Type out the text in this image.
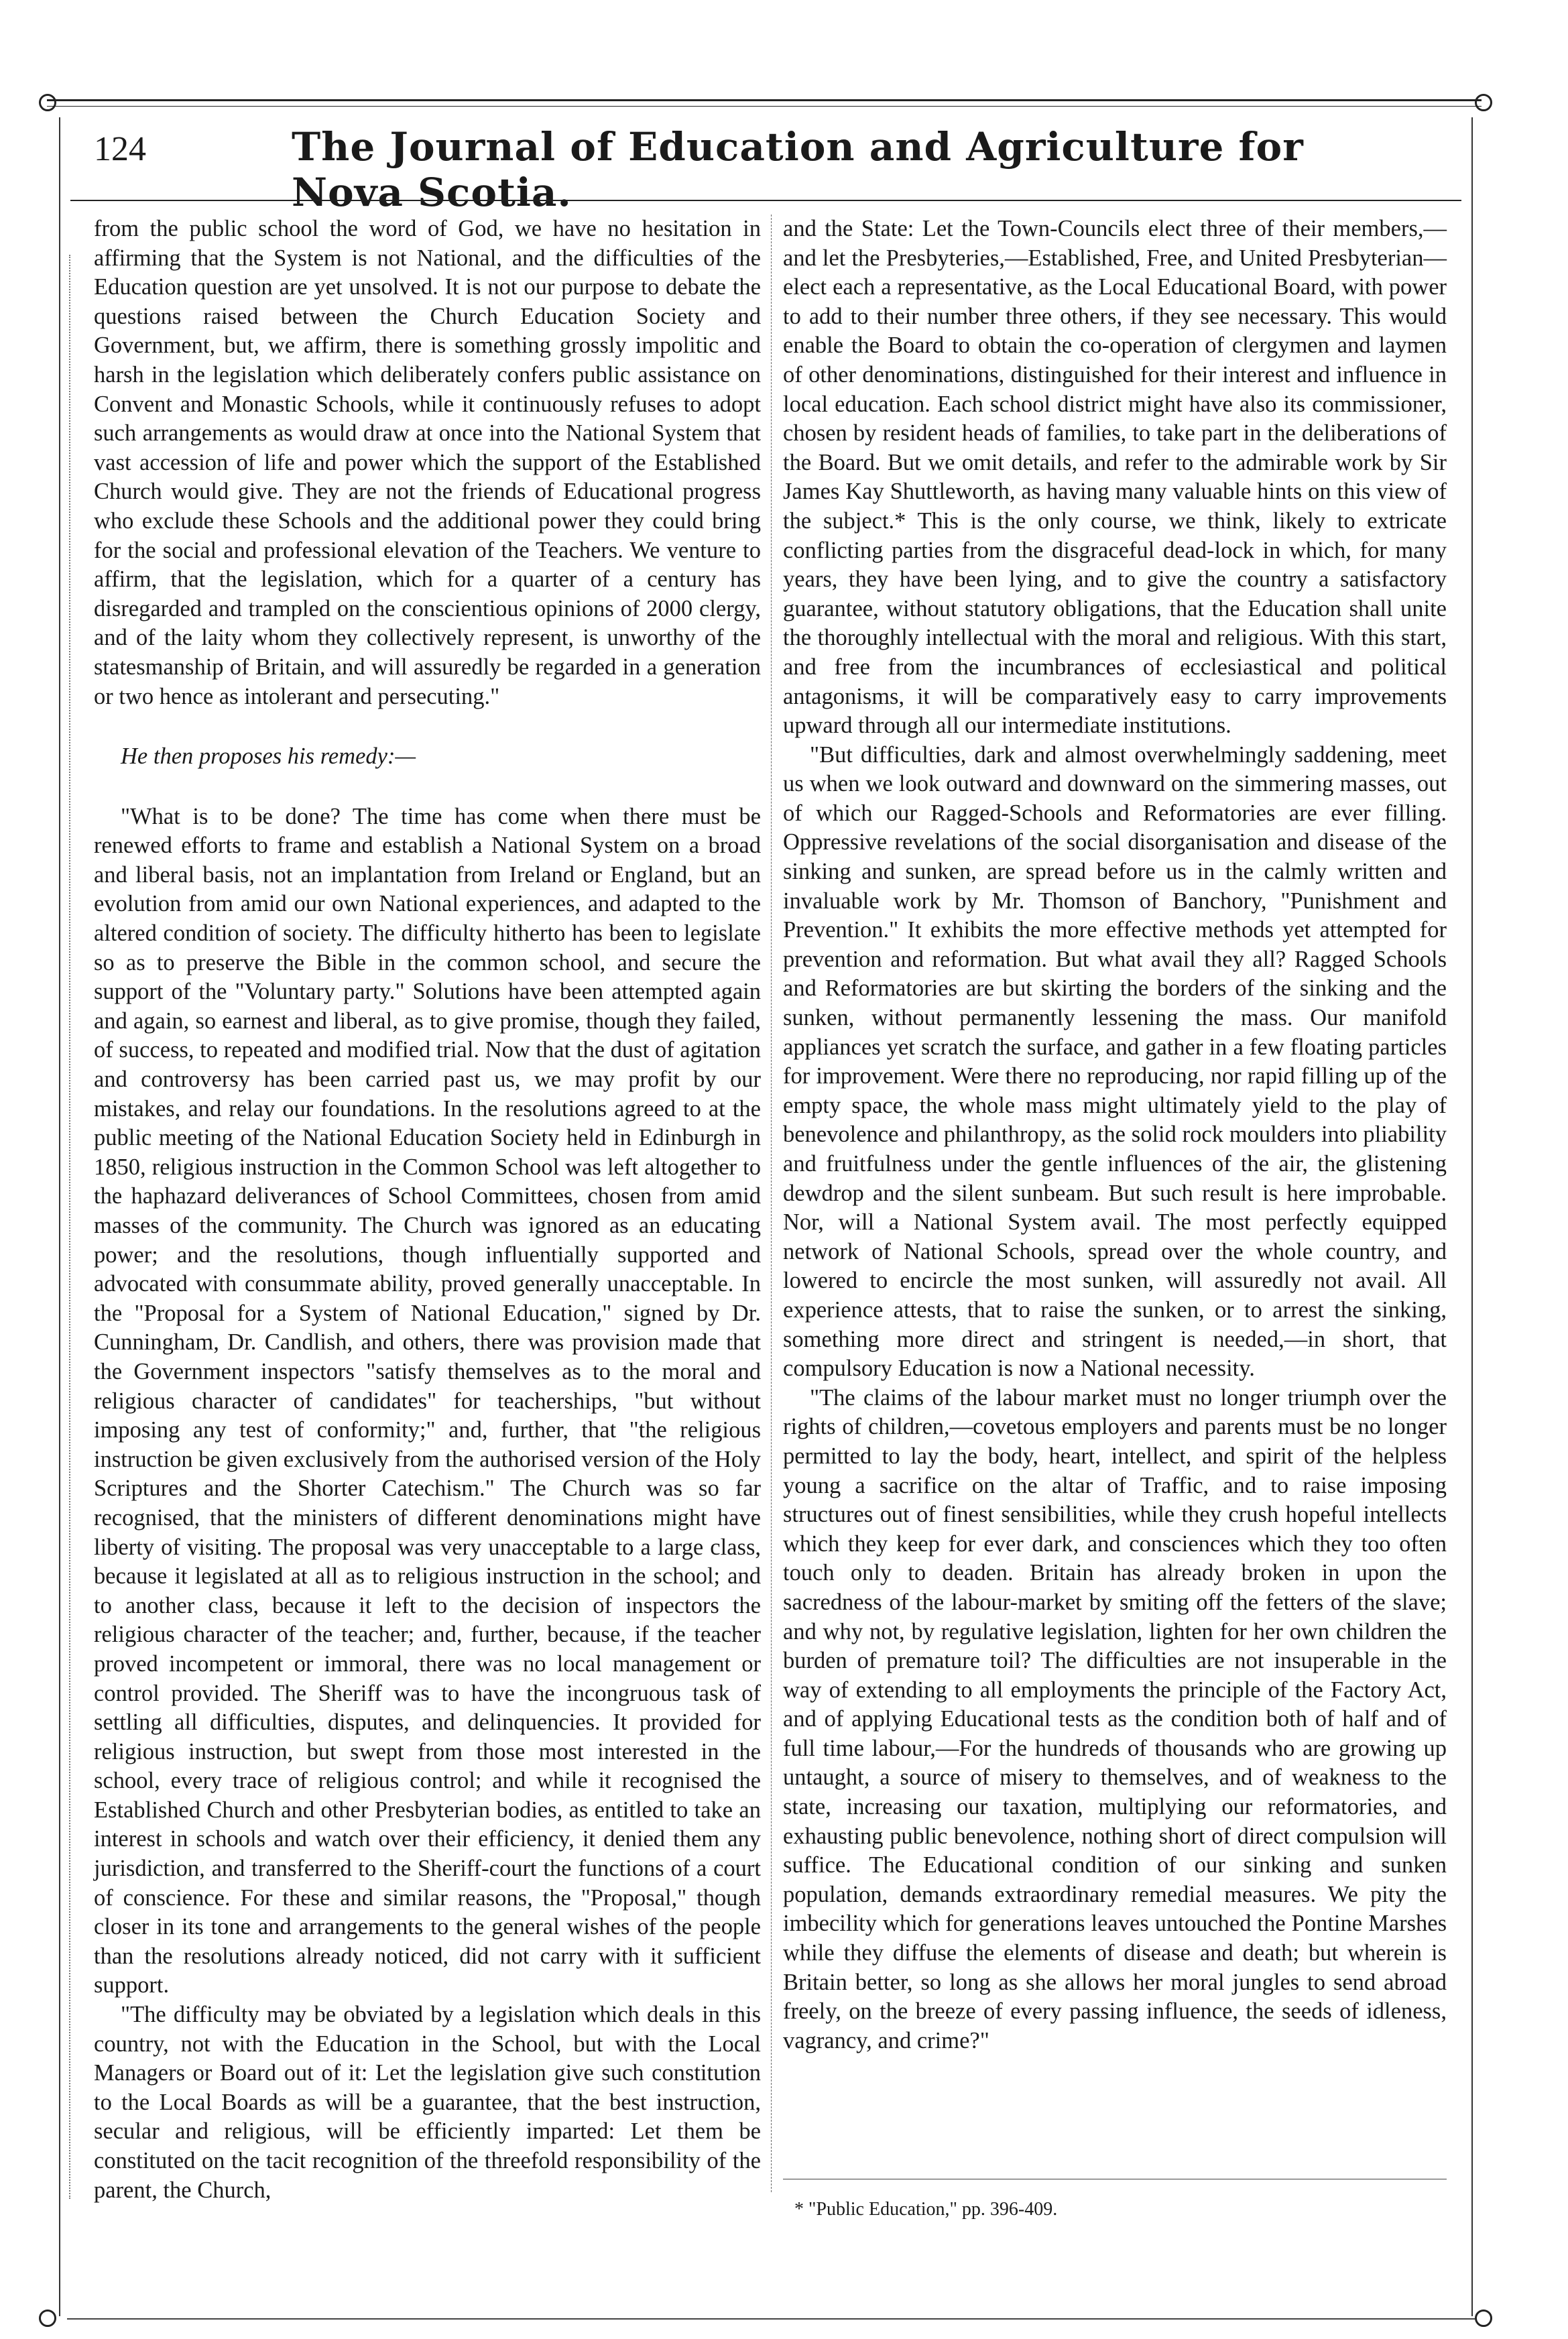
124	The Journal of Education and Agriculture for Nova Scotia.

from the public school the word of God, we have no hesitation in affirming that the System is not National, and the difficulties of the Education question are yet unsolved. It is not our purpose to debate the questions raised between the Church Education Society and Government, but, we affirm, there is something grossly impolitic and harsh in the legislation which deliberately confers public assistance on Convent and Monastic Schools, while it continuously refuses to adopt such arrangements as would draw at once into the National System that vast accession of life and power which the support of the Established Church would give. They are not the friends of Educational progress who exclude these Schools and the additional power they could bring for the social and professional elevation of the Teachers. We venture to affirm, that the legislation, which for a quarter of a century has disregarded and trampled on the conscientious opinions of 2000 clergy, and of the laity whom they collectively represent, is unworthy of the statesmanship of Britain, and will assuredly be regarded in a generation or two hence as intolerant and persecuting."

He then proposes his remedy:—

"What is to be done? The time has come when there must be renewed efforts to frame and establish a National System on a broad and liberal basis, not an implantation from Ireland or England, but an evolution from amid our own National experiences, and adapted to the altered condition of society. The difficulty hitherto has been to legislate so as to preserve the Bible in the common school, and secure the support of the "Voluntary party." Solutions have been attempted again and again, so earnest and liberal, as to give promise, though they failed, of success, to repeated and modified trial. Now that the dust of agitation and controversy has been carried past us, we may profit by our mistakes, and relay our foundations. In the resolutions agreed to at the public meeting of the National Education Society held in Edinburgh in 1850, religious instruction in the Common School was left altogether to the haphazard deliverances of School Committees, chosen from amid masses of the community. The Church was ignored as an educating power; and the resolutions, though influentially supported and advocated with consummate ability, proved generally unacceptable. In the "Proposal for a System of National Education," signed by Dr. Cunningham, Dr. Candlish, and others, there was provision made that the Government inspectors "satisfy themselves as to the moral and religious character of candidates" for teacherships, "but without imposing any test of conformity;" and, further, that "the religious instruction be given exclusively from the authorised version of the Holy Scriptures and the Shorter Catechism." The Church was so far recognised, that the ministers of different denominations might have liberty of visiting. The proposal was very unacceptable to a large class, because it legislated at all as to religious instruction in the school; and to another class, because it left to the decision of inspectors the religious character of the teacher; and, further, because, if the teacher proved incompetent or immoral, there was no local management or control provided. The Sheriff was to have the incongruous task of settling all difficulties, disputes, and delinquencies. It provided for religious instruction, but swept from those most interested in the school, every trace of religious control; and while it recognised the Established Church and other Presbyterian bodies, as entitled to take an interest in schools and watch over their efficiency, it denied them any jurisdiction, and transferred to the Sheriff-court the functions of a court of conscience. For these and similar reasons, the "Proposal," though closer in its tone and arrangements to the general wishes of the people than the resolutions already noticed, did not carry with it sufficient support.

"The difficulty may be obviated by a legislation which deals in this country, not with the Education in the School, but with the Local Managers or Board out of it: Let the legislation give such constitution to the Local Boards as will be a guarantee, that the best instruction, secular and religious, will be efficiently imparted: Let them be constituted on the tacit recognition of the threefold responsibility of the parent, the Church,

and the State: Let the Town-Councils elect three of their members,—and let the Presbyteries,—Established, Free, and United Presbyterian—elect each a representative, as the Local Educational Board, with power to add to their number three others, if they see necessary. This would enable the Board to obtain the co-operation of clergymen and laymen of other denominations, distinguished for their interest and influence in local education. Each school district might have also its commissioner, chosen by resident heads of families, to take part in the deliberations of the Board. But we omit details, and refer to the admirable work by Sir James Kay Shuttleworth, as having many valuable hints on this view of the subject.* This is the only course, we think, likely to extricate conflicting parties from the disgraceful dead-lock in which, for many years, they have been lying, and to give the country a satisfactory guarantee, without statutory obligations, that the Education shall unite the thoroughly intellectual with the moral and religious. With this start, and free from the incumbrances of ecclesiastical and political antagonisms, it will be comparatively easy to carry improvements upward through all our intermediate institutions.

"But difficulties, dark and almost overwhelmingly saddening, meet us when we look outward and downward on the simmering masses, out of which our Ragged-Schools and Reformatories are ever filling. Oppressive revelations of the social disorganisation and disease of the sinking and sunken, are spread before us in the calmly written and invaluable work by Mr. Thomson of Banchory, "Punishment and Prevention." It exhibits the more effective methods yet attempted for prevention and reformation. But what avail they all? Ragged Schools and Reformatories are but skirting the borders of the sinking and the sunken, without permanently lessening the mass. Our manifold appliances yet scratch the surface, and gather in a few floating particles for improvement. Were there no reproducing, nor rapid filling up of the empty space, the whole mass might ultimately yield to the play of benevolence and philanthropy, as the solid rock moulders into pliability and fruitfulness under the gentle influences of the air, the glistening dewdrop and the silent sunbeam. But such result is here improbable. Nor, will a National System avail. The most perfectly equipped network of National Schools, spread over the whole country, and lowered to encircle the most sunken, will assuredly not avail. All experience attests, that to raise the sunken, or to arrest the sinking, something more direct and stringent is needed,—in short, that compulsory Education is now a National necessity.

"The claims of the labour market must no longer triumph over the rights of children,—covetous employers and parents must be no longer permitted to lay the body, heart, intellect, and spirit of the helpless young a sacrifice on the altar of Traffic, and to raise imposing structures out of finest sensibilities, while they crush hopeful intellects which they keep for ever dark, and consciences which they too often touch only to deaden. Britain has already broken in upon the sacredness of the labour-market by smiting off the fetters of the slave; and why not, by regulative legislation, lighten for her own children the burden of premature toil? The difficulties are not insuperable in the way of extending to all employments the principle of the Factory Act, and of applying Educational tests as the condition both of half and of full time labour,—For the hundreds of thousands who are growing up untaught, a source of misery to themselves, and of weakness to the state, increasing our taxation, multiplying our reformatories, and exhausting public benevolence, nothing short of direct compulsion will suffice. The Educational condition of our sinking and sunken population, demands extraordinary remedial measures. We pity the imbecility which for generations leaves untouched the Pontine Marshes while they diffuse the elements of disease and death; but wherein is Britain better, so long as she allows her moral jungles to send abroad freely, on the breeze of every passing influence, the seeds of idleness, vagrancy, and crime?"

* "Public Education," pp. 396-409.
